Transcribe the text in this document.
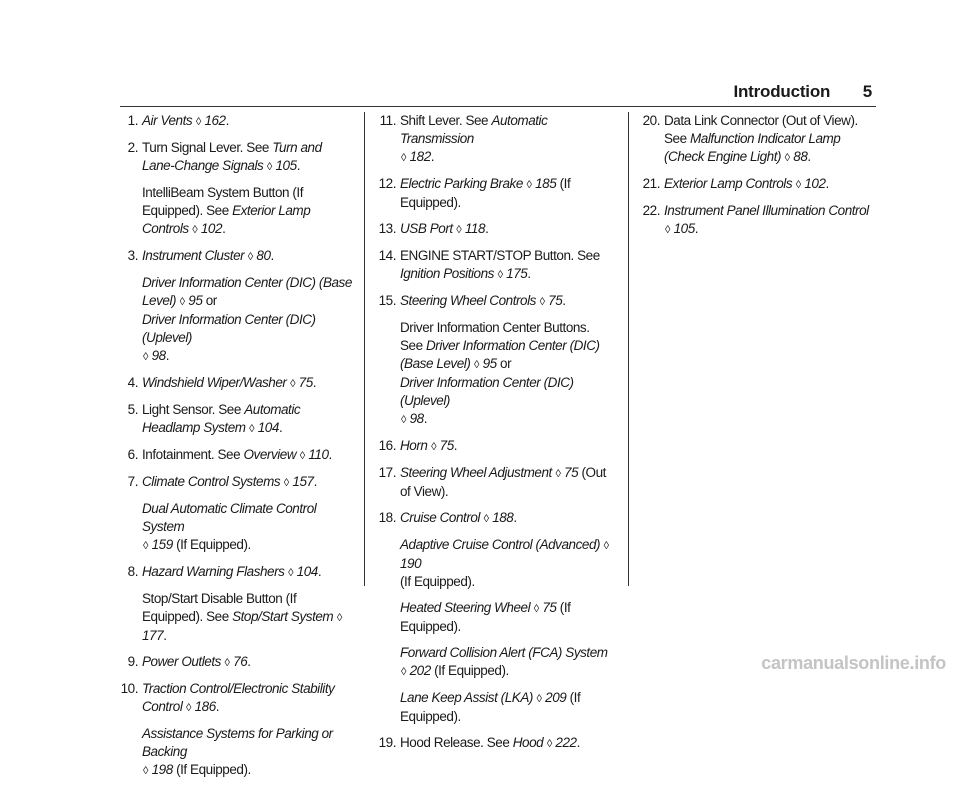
Introduction 5
1. Air Vents ◊ 162.
2. Turn Signal Lever. See Turn and Lane-Change Signals ◊ 105.
IntelliBeam System Button (If Equipped). See Exterior Lamp Controls ◊ 102.
3. Instrument Cluster ◊ 80.
Driver Information Center (DIC) (Base Level) ◊ 95 or
Driver Information Center (DIC) (Uplevel)
◊ 98.
4. Windshield Wiper/Washer ◊ 75.
5. Light Sensor. See Automatic Headlamp System ◊ 104.
6. Infotainment. See Overview ◊ 110.
7. Climate Control Systems ◊ 157.
Dual Automatic Climate Control System
◊ 159 (If Equipped).
8. Hazard Warning Flashers ◊ 104.
Stop/Start Disable Button (If Equipped). See Stop/Start System ◊ 177.
9. Power Outlets ◊ 76.
10. Traction Control/Electronic Stability Control ◊ 186.
Assistance Systems for Parking or Backing
◊ 198 (If Equipped).
11. Shift Lever. See Automatic Transmission
◊ 182.
12. Electric Parking Brake ◊ 185 (If Equipped).
13. USB Port ◊ 118.
14. ENGINE START/STOP Button. See Ignition Positions ◊ 175.
15. Steering Wheel Controls ◊ 75.
Driver Information Center Buttons. See Driver Information Center (DIC) (Base Level) ◊ 95 or
Driver Information Center (DIC) (Uplevel)
◊ 98.
16. Horn ◊ 75.
17. Steering Wheel Adjustment ◊ 75 (Out of View).
18. Cruise Control ◊ 188.
Adaptive Cruise Control (Advanced) ◊ 190
(If Equipped).
Heated Steering Wheel ◊ 75 (If Equipped).
Forward Collision Alert (FCA) System
◊ 202 (If Equipped).
Lane Keep Assist (LKA) ◊ 209 (If Equipped).
19. Hood Release. See Hood ◊ 222.
20. Data Link Connector (Out of View). See Malfunction Indicator Lamp (Check Engine Light) ◊ 88.
21. Exterior Lamp Controls ◊ 102.
22. Instrument Panel Illumination Control
◊ 105.
carmanualsonline.info
